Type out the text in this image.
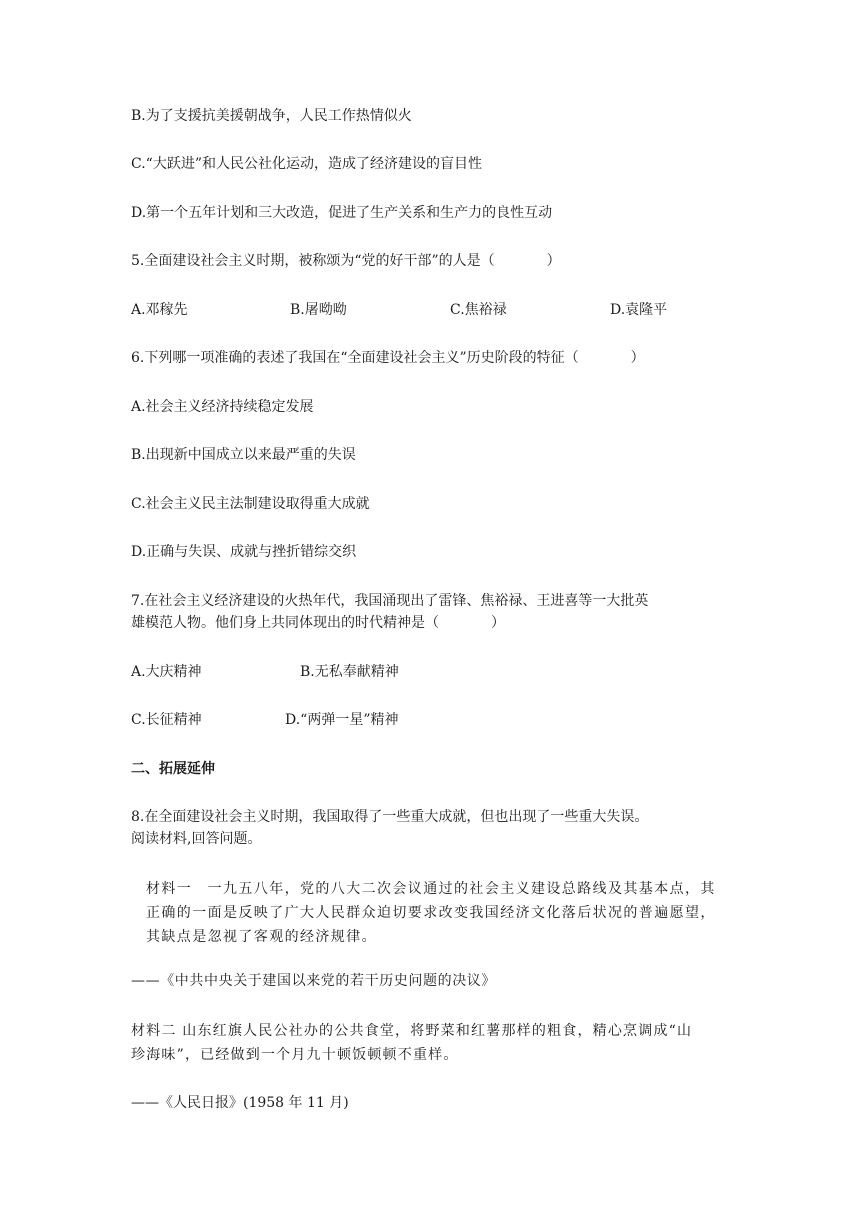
B.为了支援抗美援朝战争，人民工作热情似火
C.“大跃进”和人民公社化运动，造成了经济建设的盲目性
D.第一个五年计划和三大改造，促进了生产关系和生产力的良性互动
5.全面建设社会主义时期，被称颂为“党的好干部”的人是（	）
A.邓稼先	B.屠呦呦	C.焦裕禄	D.袁隆平
6.下列哪一项准确的表述了我国在“全面建设社会主义”历史阶段的特征（	）
A.社会主义经济持续稳定发展
B.出现新中国成立以来最严重的失误
C.社会主义民主法制建设取得重大成就
D.正确与失误、成就与挫折错综交织
7.在社会主义经济建设的火热年代，我国涌现出了雷锋、焦裕禄、王进喜等一大批英
雄模范人物。他们身上共同体现出的时代精神是（	）
A.大庆精神	B.无私奉献精神
C.长征精神	D.“两弹一星”精神
二、拓展延伸
8.在全面建设社会主义时期，我国取得了一些重大成就，但也出现了一些重大失误。
阅读材料,回答问题。
材料一　一九五八年，党的八大二次会议通过的社会主义建设总路线及其基本点，其正确的一面是反映了广大人民群众迫切要求改变我国经济文化落后状况的普遍愿望，其缺点是忽视了客观的经济规律。
——《中共中央关于建国以来党的若干历史问题的决议》
材料二 山东红旗人民公社办的公共食堂，将野菜和红薯那样的粗食，精心烹调成“山
珍海味”，已经做到一个月九十顿饭顿顿不重样。
——《人民日报》(1958 年 11 月)
